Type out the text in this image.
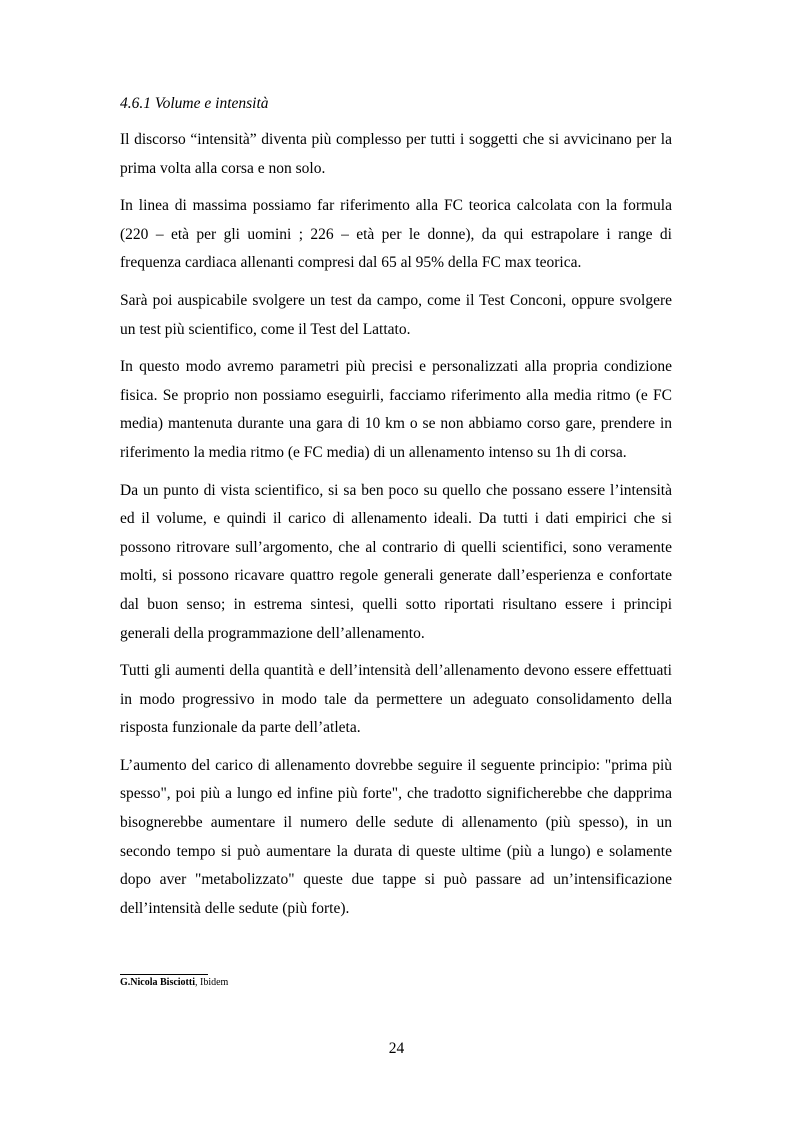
4.6.1 Volume e intensità

Il discorso “intensità” diventa più complesso per tutti i soggetti che si avvicinano per la prima volta alla corsa e non solo.

In linea di massima possiamo far riferimento alla FC teorica calcolata con la formula (220 – età per gli uomini ; 226 – età per le donne), da qui estrapolare i range di frequenza cardiaca allenanti compresi dal 65 al 95% della FC max teorica.

Sarà poi auspicabile svolgere un test da campo, come il Test Conconi, oppure svolgere un test più scientifico, come il Test del Lattato.

In questo modo avremo parametri più precisi e personalizzati alla propria condizione fisica. Se proprio non possiamo eseguirli, facciamo riferimento alla media ritmo (e FC media) mantenuta durante una gara di 10 km o se non abbiamo corso gare, prendere in riferimento la media ritmo (e FC media) di un allenamento intenso su 1h di corsa.

Da un punto di vista scientifico, si sa ben poco su quello che possano essere l’intensità ed il volume, e quindi il carico di allenamento ideali. Da tutti i dati empirici che si possono ritrovare sull’argomento, che al contrario di quelli scientifici, sono veramente molti, si possono ricavare quattro regole generali generate dall’esperienza e confortate dal buon senso; in estrema sintesi, quelli sotto riportati risultano essere i principi generali della programmazione dell’allenamento.

Tutti gli aumenti della quantità e dell’intensità dell’allenamento devono essere effettuati in modo progressivo in modo tale da permettere un adeguato consolidamento della risposta funzionale da parte dell’atleta.

L’aumento del carico di allenamento dovrebbe seguire il seguente principio: "prima più spesso", poi più a lungo ed infine più forte", che tradotto significherebbe che dapprima bisognerebbe aumentare il numero delle sedute di allenamento (più spesso), in un secondo tempo si può aumentare la durata di queste ultime (più a lungo) e solamente dopo aver "metabolizzato" queste due tappe si può passare ad un’intensificazione dell’intensità delle sedute (più forte).

G.Nicola Bisciotti, Ibidem
24
